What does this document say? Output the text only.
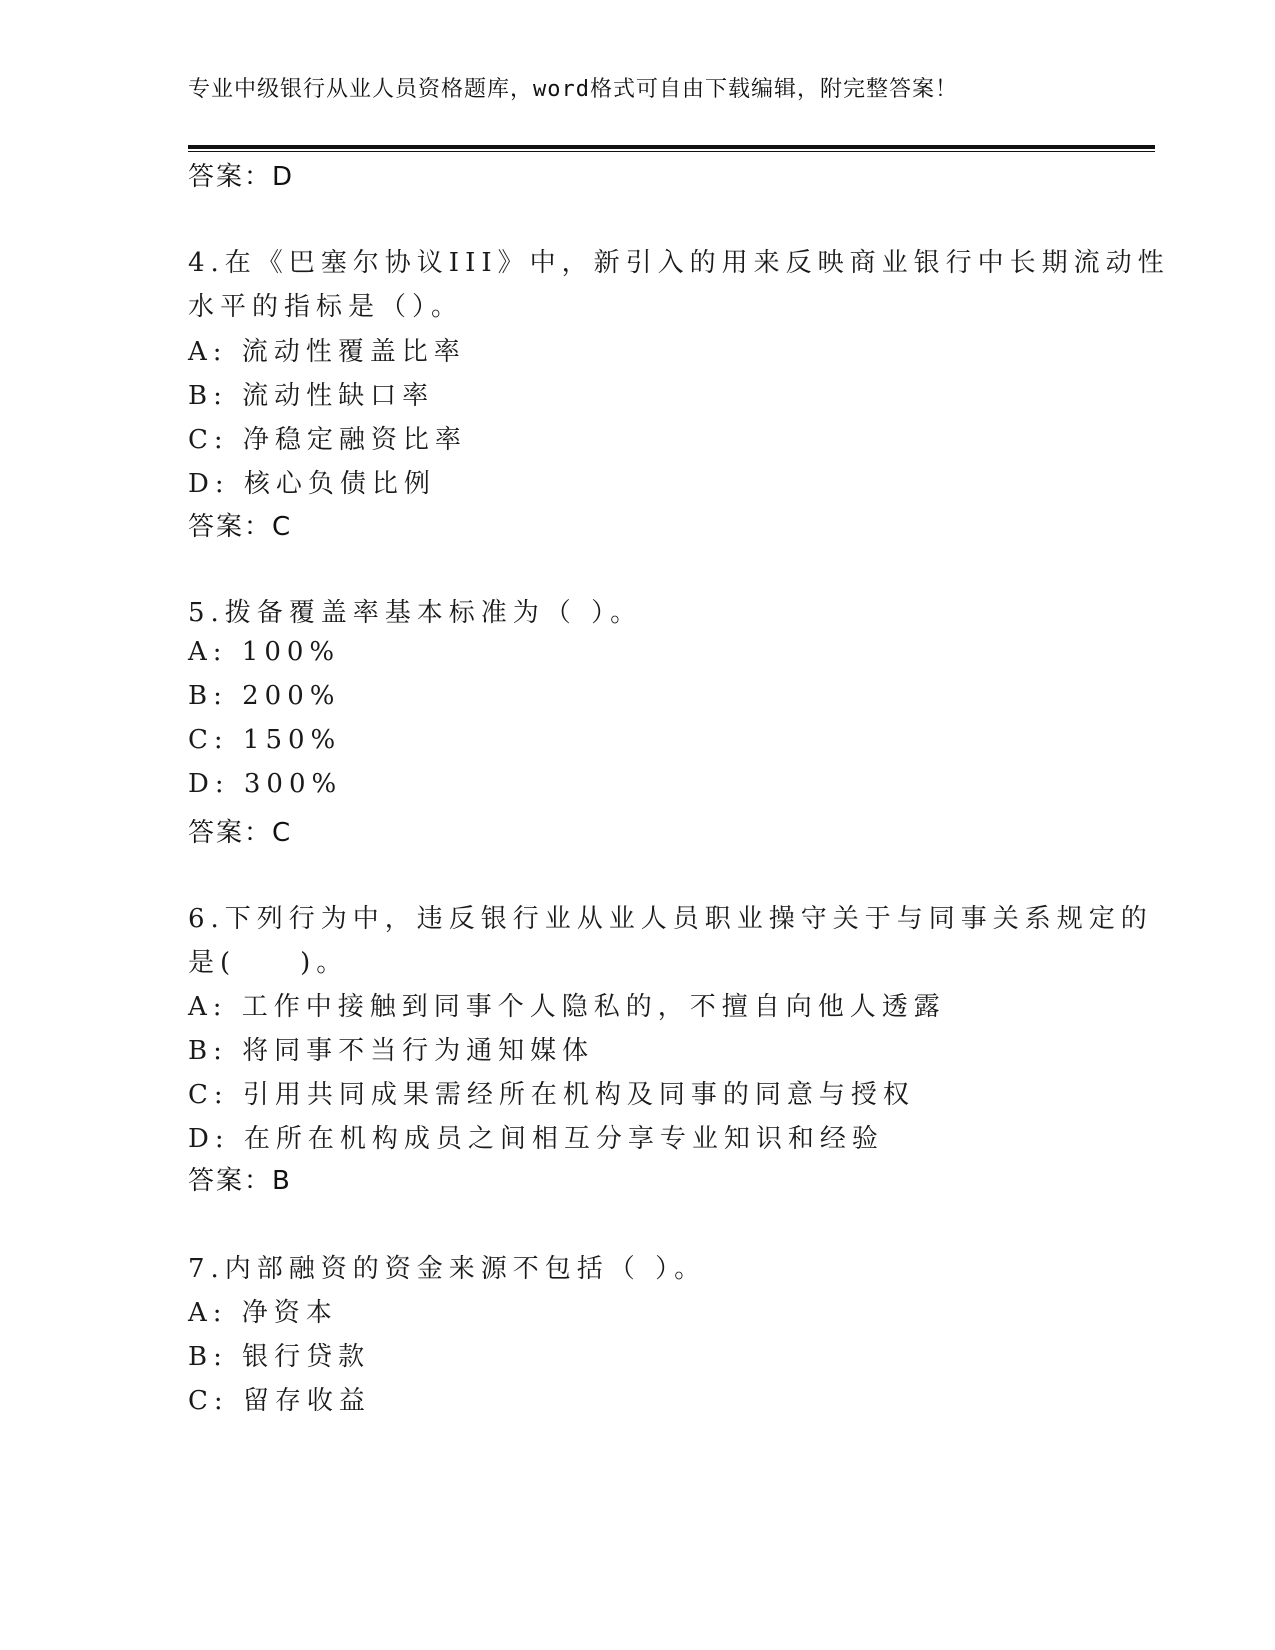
专业中级银行从业人员资格题库，word格式可自由下载编辑，附完整答案！
答案：D
4.在《巴塞尔协议III》中，新引入的用来反映商业银行中长期流动性
水平的指标是（）。
A: 流动性覆盖比率
B: 流动性缺口率
C: 净稳定融资比率
D: 核心负债比例
答案：C
5.拨备覆盖率基本标准为（ ）。
A: 100%
B: 200%
C: 150%
D: 300%
答案：C
6.下列行为中，违反银行业从业人员职业操守关于与同事关系规定的
是(　　)。
A: 工作中接触到同事个人隐私的，不擅自向他人透露
B: 将同事不当行为通知媒体
C: 引用共同成果需经所在机构及同事的同意与授权
D: 在所在机构成员之间相互分享专业知识和经验
答案：B
7.内部融资的资金来源不包括（ ）。
A: 净资本
B: 银行贷款
C: 留存收益
